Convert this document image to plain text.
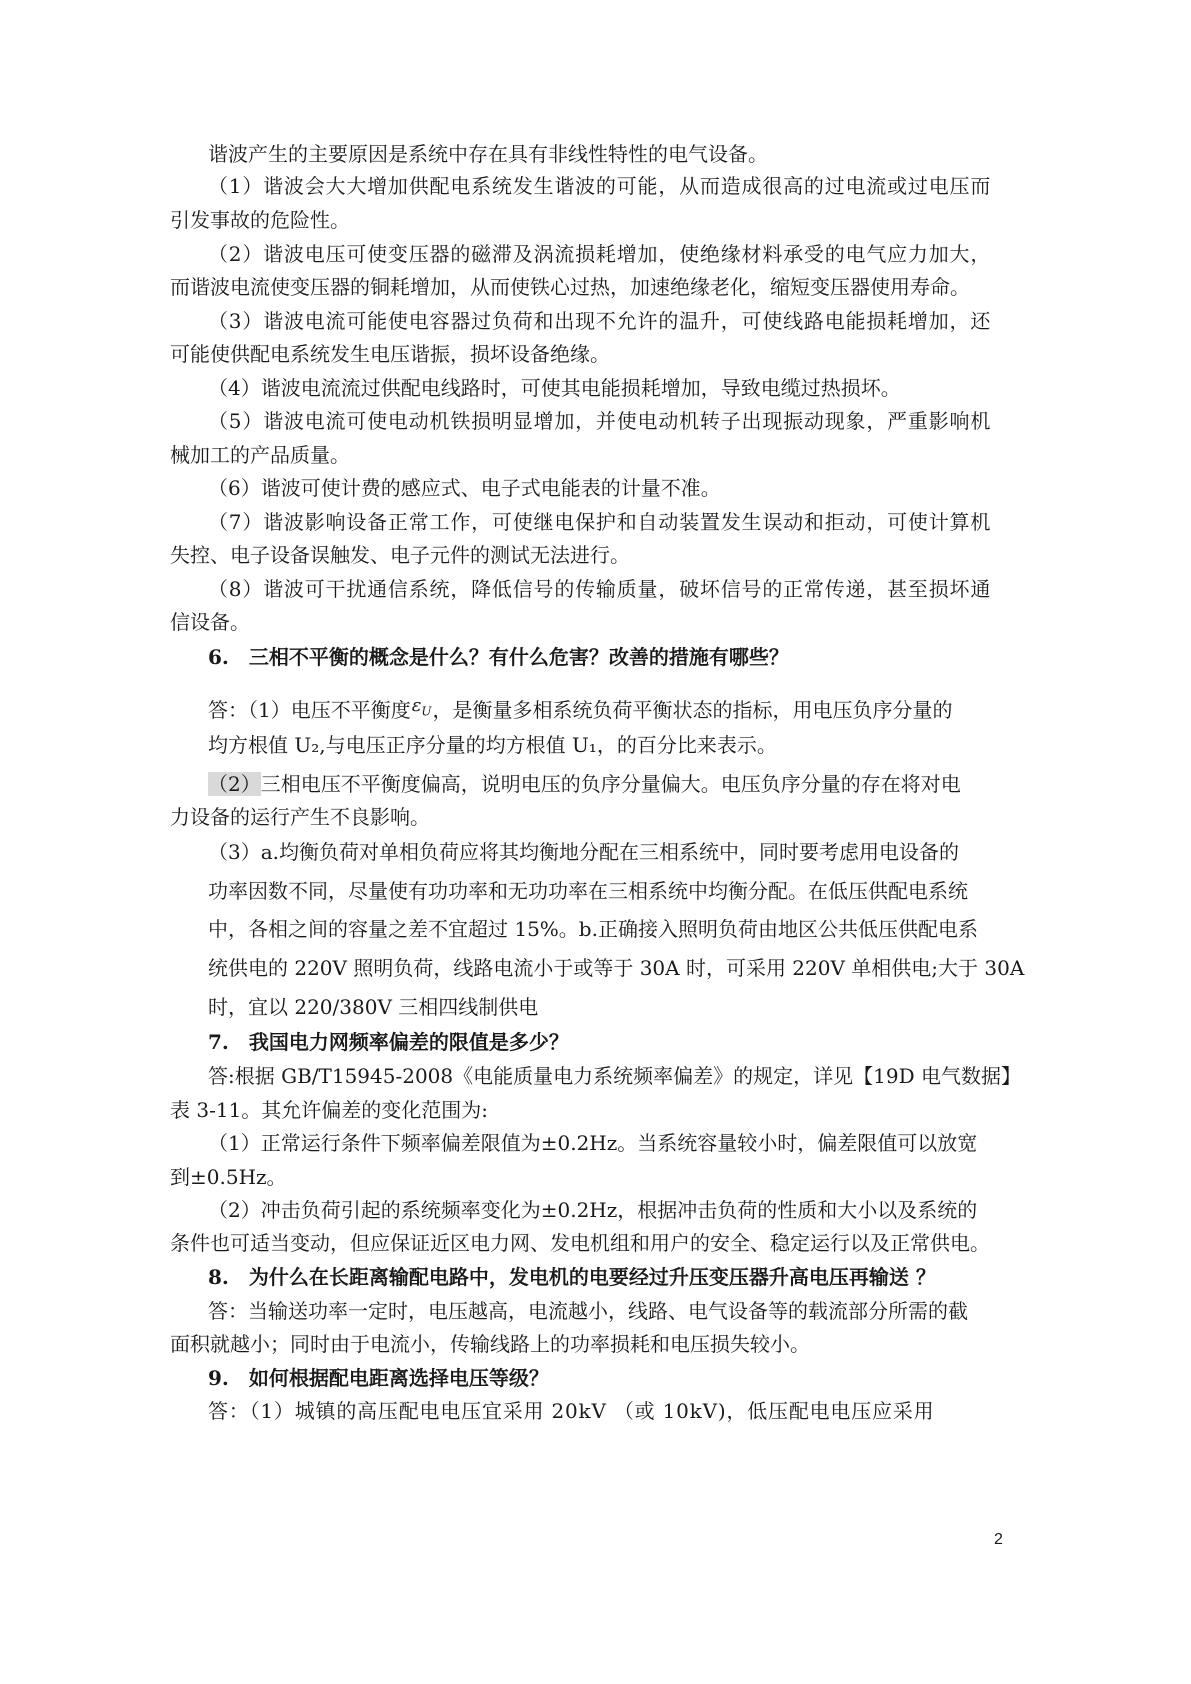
谐波产生的主要原因是系统中存在具有非线性特性的电气设备。

（1）谐波会大大增加供配电系统发生谐波的可能，从而造成很高的过电流或过电压而

引发事故的危险性。

（2）谐波电压可使变压器的磁滞及涡流损耗增加，使绝缘材料承受的电气应力加大，

而谐波电流使变压器的铜耗增加，从而使铁心过热，加速绝缘老化，缩短变压器使用寿命。

（3）谐波电流可能使电容器过负荷和出现不允许的温升，可使线路电能损耗增加，还

可能使供配电系统发生电压谐振，损坏设备绝缘。

（4）谐波电流流过供配电线路时，可使其电能损耗增加，导致电缆过热损坏。

（5）谐波电流可使电动机铁损明显增加，并使电动机转子出现振动现象，严重影响机

械加工的产品质量。

（6）谐波可使计费的感应式、电子式电能表的计量不准。

（7）谐波影响设备正常工作，可使继电保护和自动装置发生误动和拒动，可使计算机

失控、电子设备误触发、电子元件的测试无法进行。

（8）谐波可干扰通信系统，降低信号的传输质量，破坏信号的正常传递，甚至损坏通

信设备。

6.　三相不平衡的概念是什么？有什么危害？改善的措施有哪些？

答：（1）电压不平衡度$\varepsilon_U$，是衡量多相系统负荷平衡状态的指标，用电压负序分量的

均方根值 U₂,与电压正序分量的均方根值 U₁，的百分比来表示。

（2）三相电压不平衡度偏高，说明电压的负序分量偏大。电压负序分量的存在将对电

力设备的运行产生不良影响。

（3）a.均衡负荷对单相负荷应将其均衡地分配在三相系统中，同时要考虑用电设备的

功率因数不同，尽量使有功功率和无功功率在三相系统中均衡分配。在低压供配电系统

中，各相之间的容量之差不宜超过 15%。b.正确接入照明负荷由地区公共低压供配电系

统供电的 220V 照明负荷，线路电流小于或等于 30A 时，可采用 220V 单相供电;大于 30A

时，宜以 220/380V 三相四线制供电

7.　我国电力网频率偏差的限值是多少？

答:根据 GB/T15945-2008《电能质量电力系统频率偏差》的规定，详见【19D 电气数据】

表 3-11。其允许偏差的变化范围为:

（1）正常运行条件下频率偏差限值为±0.2Hz。当系统容量较小时，偏差限值可以放宽

到±0.5Hz。

（2）冲击负荷引起的系统频率变化为±0.2Hz，根据冲击负荷的性质和大小以及系统的

条件也可适当变动，但应保证近区电力网、发电机组和用户的安全、稳定运行以及正常供电。

8.　为什么在长距离输配电路中，发电机的电要经过升压变压器升高电压再输送 ？

答：当输送功率一定时，电压越高，电流越小，线路、电气设备等的载流部分所需的截

面积就越小；同时由于电流小，传输线路上的功率损耗和电压损失较小。

9.　如何根据配电距离选择电压等级？

答：（1）城镇的高压配电电压宜采用 20kV （或 10kV)，低压配电电压应采用

2
